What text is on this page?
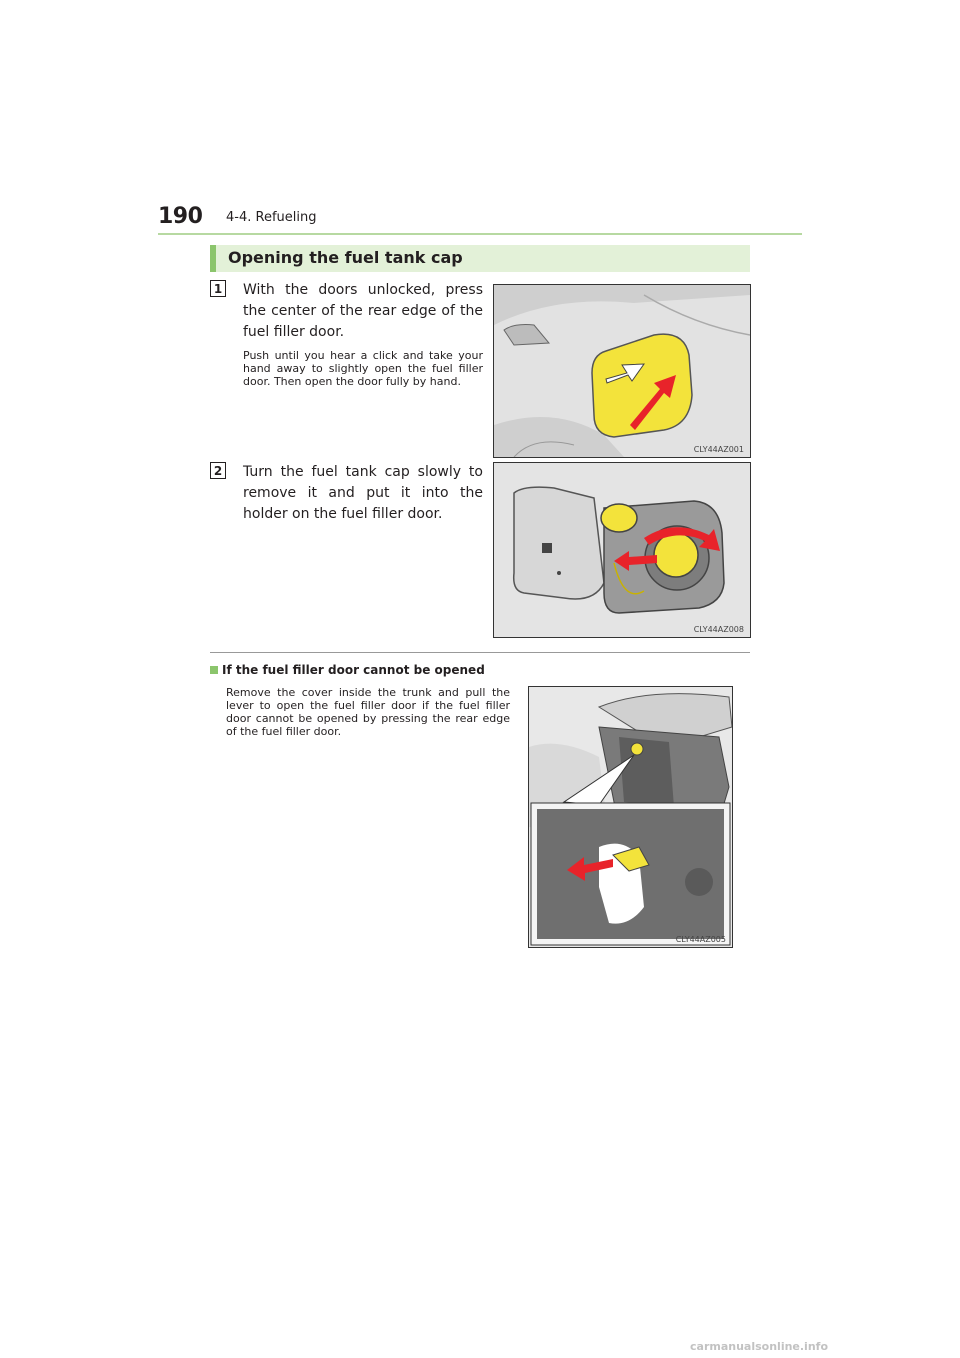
190 4-4. Refueling
Opening the fuel tank cap
1 With the doors unlocked, press the center of the rear edge of the fuel filler door.
Push until you hear a click and take your hand away to slightly open the fuel filler door. Then open the door fully by hand.
CLY44AZ001
2 Turn the fuel tank cap slowly to remove it and put it into the holder on the fuel filler door.
CLY44AZ008
If the fuel filler door cannot be opened
Remove the cover inside the trunk and pull the lever to open the fuel filler door if the fuel filler door cannot be opened by pressing the rear edge of the fuel filler door.
CLY44AZ005
carmanualsonline.info
